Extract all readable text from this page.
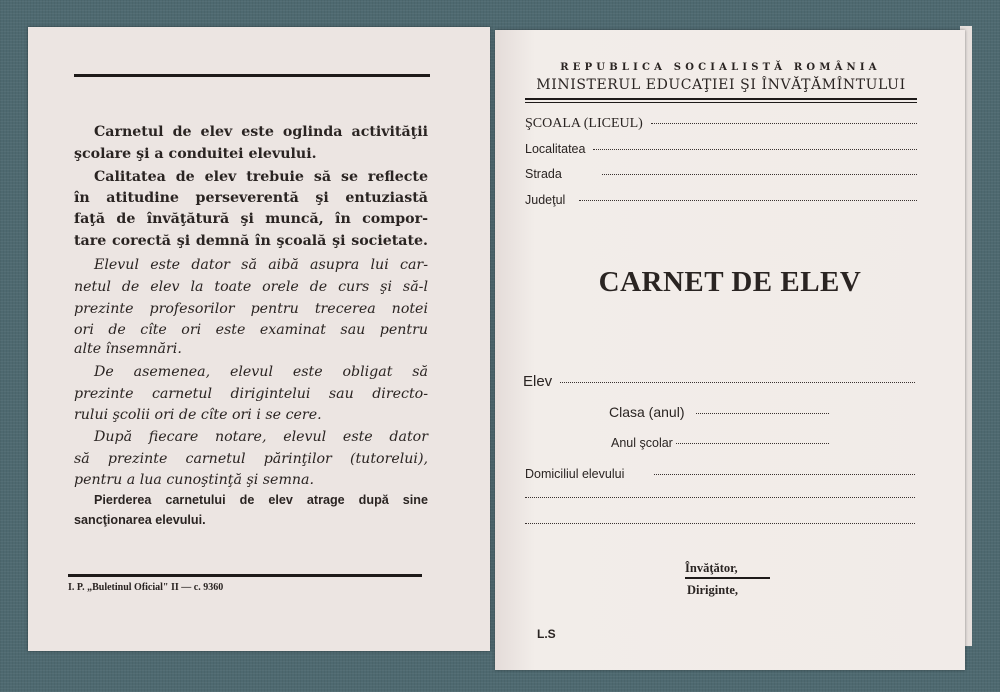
Carnetul de elev este oglinda activităţii
şcolare şi a conduitei elevului.
Calitatea de elev trebuie să se reflecte
în atitudine perseverentă şi entuziastă
faţă de învăţătură şi muncă, în compor-
tare corectă şi demnă în şcoală şi societate.
Elevul este dator să aibă asupra lui car-
netul de elev la toate orele de curs şi să-l
prezinte profesorilor pentru trecerea notei
ori de cîte ori este examinat sau pentru
alte însemnări.
De asemenea, elevul este obligat să
prezinte carnetul dirigintelui sau directo-
rului şcolii ori de cîte ori i se cere.
După fiecare notare, elevul este dator
să prezinte carnetul părinţilor (tutorelui),
pentru a lua cunoştinţă şi semna.
Pierderea carnetului de elev atrage după sine
sancţionarea elevului.
I. P. „Buletinul Oficial" II — c. 9360
REPUBLICA SOCIALISTĂ ROMÂNIA
MINISTERUL EDUCAŢIEI ŞI ÎNVĂŢĂMÎNTULUI
ŞCOALA (LICEUL)
Localitatea
Strada
Judeţul
CARNET DE ELEV
Elev
Clasa (anul)
Anul şcolar
Domiciliul elevului
Învăţător,
Diriginte,
L.S
